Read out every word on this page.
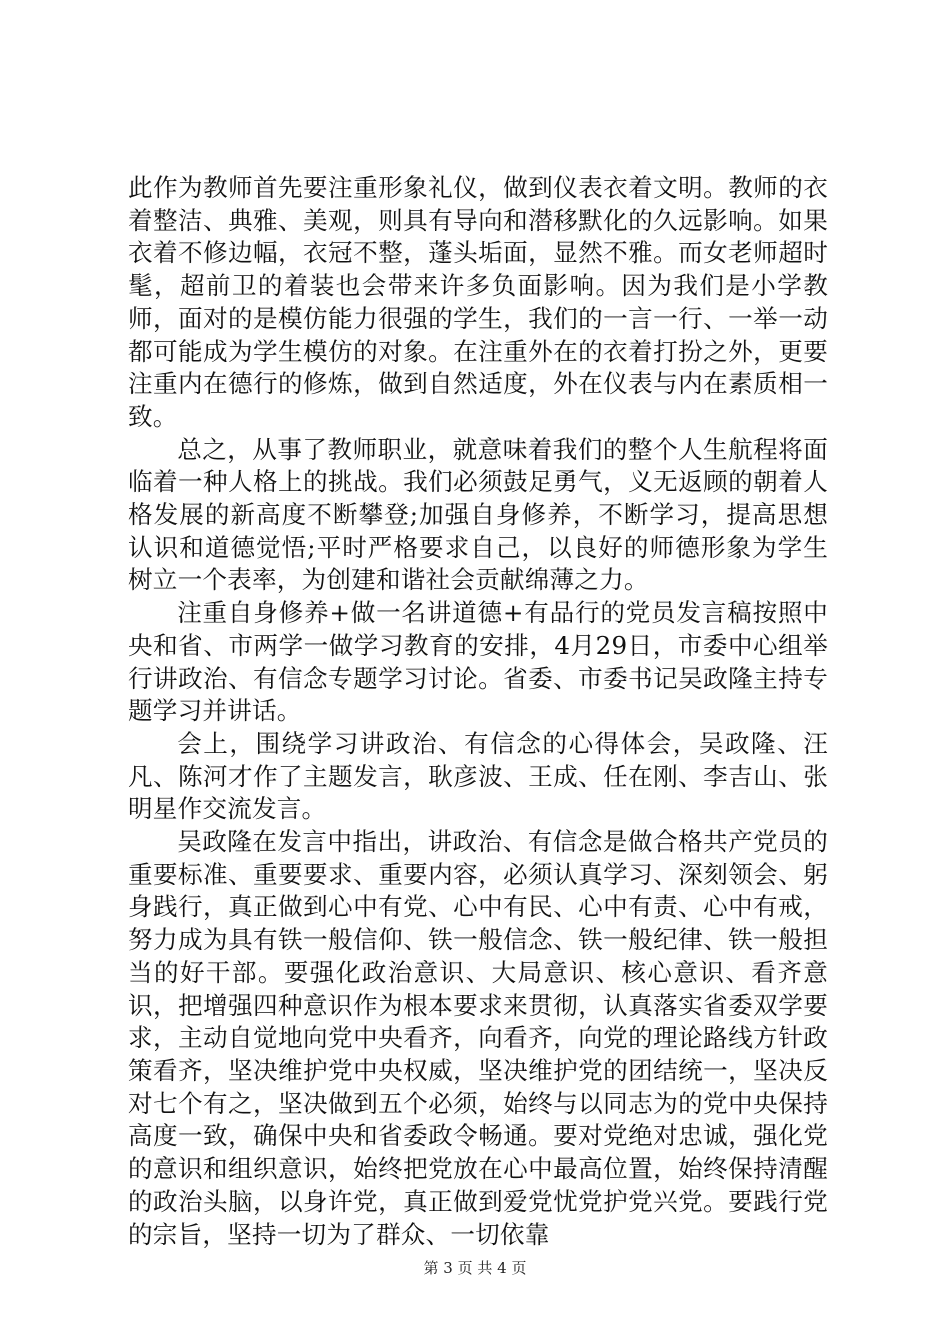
此作为教师首先要注重形象礼仪，做到仪表衣着文明。教师的衣着整洁、典雅、美观，则具有导向和潜移默化的久远影响。如果衣着不修边幅，衣冠不整，蓬头垢面，显然不雅。而女老师超时髦，超前卫的着装也会带来许多负面影响。因为我们是小学教师，面对的是模仿能力很强的学生，我们的一言一行、一举一动都可能成为学生模仿的对象。在注重外在的衣着打扮之外，更要注重内在德行的修炼，做到自然适度，外在仪表与内在素质相一致。

总之，从事了教师职业，就意味着我们的整个人生航程将面临着一种人格上的挑战。我们必须鼓足勇气，义无返顾的朝着人格发展的新高度不断攀登;加强自身修养，不断学习，提高思想认识和道德觉悟;平时严格要求自己，以良好的师德形象为学生树立一个表率，为创建和谐社会贡献绵薄之力。

注重自身修养+做一名讲道德+有品行的党员发言稿按照中央和省、市两学一做学习教育的安排，4月29日，市委中心组举行讲政治、有信念专题学习讨论。省委、市委书记吴政隆主持专题学习并讲话。

会上，围绕学习讲政治、有信念的心得体会，吴政隆、汪凡、陈河才作了主题发言，耿彦波、王成、任在刚、李吉山、张明星作交流发言。

吴政隆在发言中指出，讲政治、有信念是做合格共产党员的重要标准、重要要求、重要内容，必须认真学习、深刻领会、躬身践行，真正做到心中有党、心中有民、心中有责、心中有戒，努力成为具有铁一般信仰、铁一般信念、铁一般纪律、铁一般担当的好干部。要强化政治意识、大局意识、核心意识、看齐意识，把增强四种意识作为根本要求来贯彻，认真落实省委双学要求，主动自觉地向党中央看齐，向看齐，向党的理论路线方针政策看齐，坚决维护党中央权威，坚决维护党的团结统一，坚决反对七个有之，坚决做到五个必须，始终与以同志为的党中央保持高度一致，确保中央和省委政令畅通。要对党绝对忠诚，强化党的意识和组织意识，始终把党放在心中最高位置，始终保持清醒的政治头脑，以身许党，真正做到爱党忧党护党兴党。要践行党的宗旨，坚持一切为了群众、一切依靠

第 3 页 共 4 页
